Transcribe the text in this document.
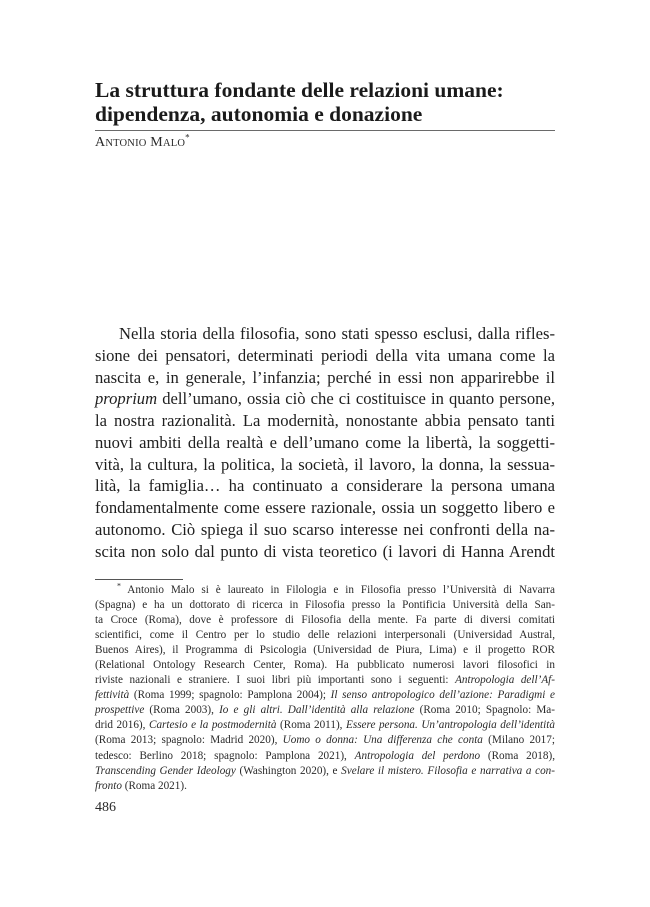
La struttura fondante delle relazioni umane:
dipendenza, autonomia e donazione
ANTONIO MALO*
Nella storia della filosofia, sono stati spesso esclusi, dalla rifles-
sione dei pensatori, determinati periodi della vita umana come la
nascita e, in generale, l’infanzia; perché in essi non apparirebbe il
proprium dell’umano, ossia ciò che ci costituisce in quanto persone,
la nostra razionalità. La modernità, nonostante abbia pensato tanti
nuovi ambiti della realtà e dell’umano come la libertà, la soggetti-
vità, la cultura, la politica, la società, il lavoro, la donna, la sessua-
lità, la famiglia… ha continuato a considerare la persona umana
fondamentalmente come essere razionale, ossia un soggetto libero e
autonomo. Ciò spiega il suo scarso interesse nei confronti della na-
scita non solo dal punto di vista teoretico (i lavori di Hanna Arendt
* Antonio Malo si è laureato in Filologia e in Filosofia presso l’Università di Navarra
(Spagna) e ha un dottorato di ricerca in Filosofia presso la Pontificia Università della San-
ta Croce (Roma), dove è professore di Filosofia della mente. Fa parte di diversi comitati
scientifici, come il Centro per lo studio delle relazioni interpersonali (Universidad Austral,
Buenos Aires), il Programma di Psicologia (Universidad de Piura, Lima) e il progetto ROR
(Relational Ontology Research Center, Roma). Ha pubblicato numerosi lavori filosofici in
riviste nazionali e straniere. I suoi libri più importanti sono i seguenti: Antropologia dell’Af-
fettività (Roma 1999; spagnolo: Pamplona 2004); Il senso antropologico dell’azione: Paradigmi e
prospettive (Roma 2003), Io e gli altri. Dall’identità alla relazione (Roma 2010; Spagnolo: Ma-
drid 2016), Cartesio e la postmodernità (Roma 2011), Essere persona. Un’antropologia dell’identità
(Roma 2013; spagnolo: Madrid 2020), Uomo o donna: Una differenza che conta (Milano 2017;
tedesco: Berlino 2018; spagnolo: Pamplona 2021), Antropologia del perdono (Roma 2018),
Transcending Gender Ideology (Washington 2020), e Svelare il mistero. Filosofia e narrativa a con-
fronto (Roma 2021).
486
